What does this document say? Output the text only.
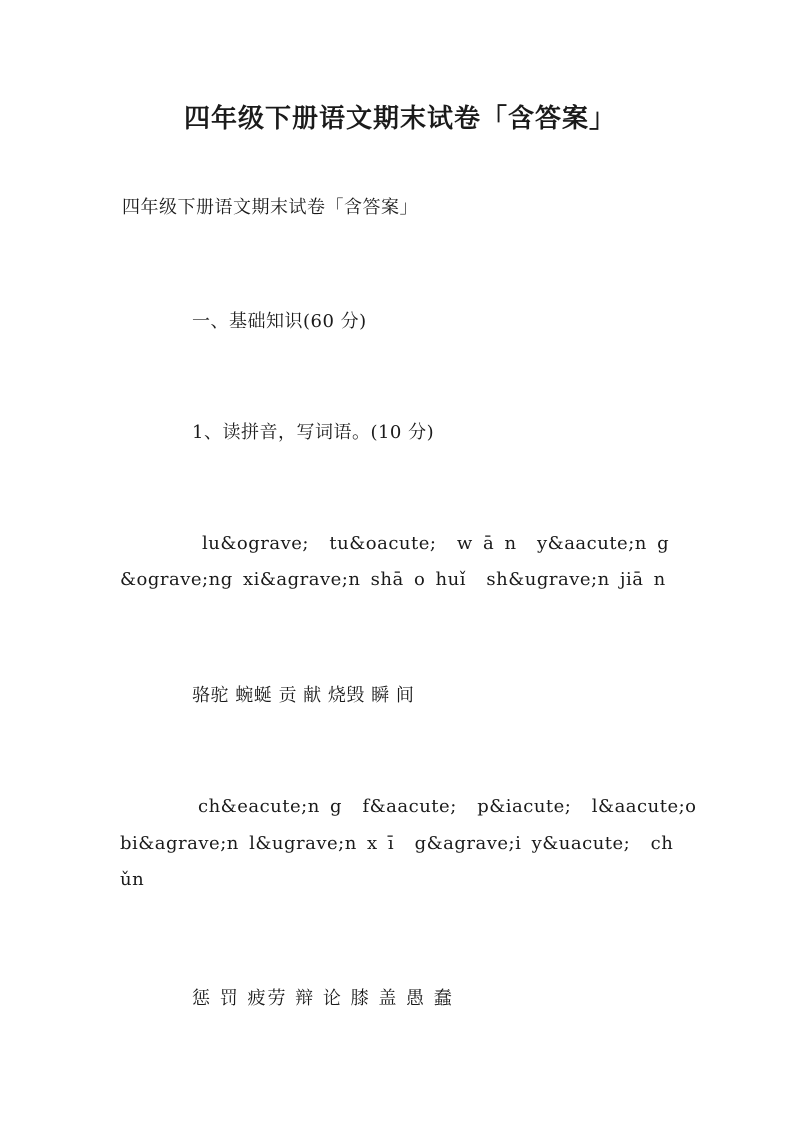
四年级下册语文期末试卷「含答案」
四年级下册语文期末试卷「含答案」
一、基础知识(60 分)
1、读拼音，写词语。(10 分)
lu&ograve;  tu&oacute;  w ā n  y&aacute;n g
&ograve;ng xi&agrave;n shā o huǐ  sh&ugrave;n jiā n
骆驼 蜿蜒 贡 献 烧毁 瞬 间
ch&eacute;n g  f&aacute;  p&iacute;  l&aacute;o
bi&agrave;n l&ugrave;n x ī  g&agrave;i y&uacute;  ch
ǔn
惩 罚 疲劳 辩 论 膝 盖 愚 蠢
